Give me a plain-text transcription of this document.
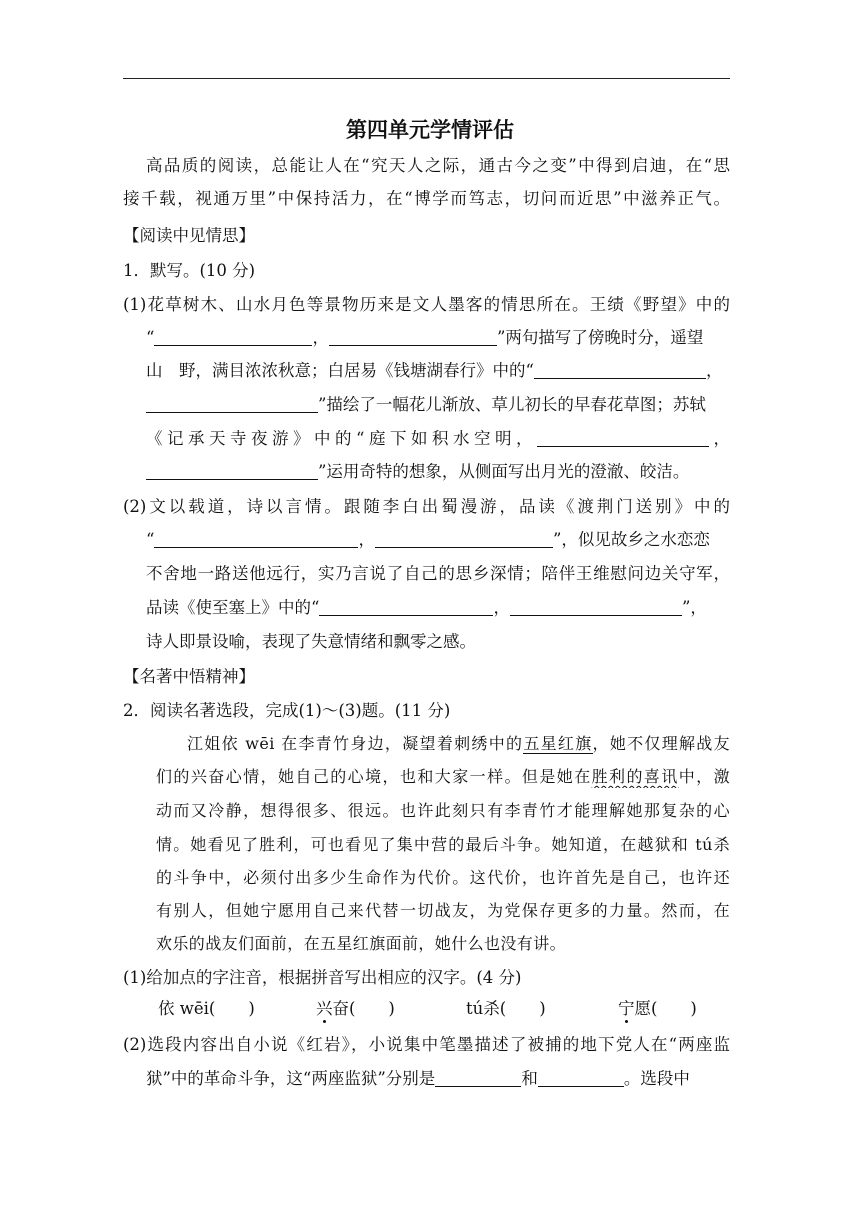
第四单元学情评估
高品质的阅读，总能让人在“究天人之际，通古今之变”中得到启迪，在“思
接千载，视通万里”中保持活力，在“博学而笃志，切问而近思”中滋养正气。
【阅读中见情思】
1．默写。(10 分)
(1)花草树木、山水月色等景物历来是文人墨客的情思所在。王绩《野望》中的
“	，	”两句描写了傍晚时分，遥望
山　野，满目浓浓秋意；白居易《钱塘湖春行》中的“	，
”描绘了一幅花儿渐放、草儿初长的早春花草图；苏轼
《记承天寺夜游》中的“庭下如积水空明，	，
”运用奇特的想象，从侧面写出月光的澄澈、皎洁。
(2)文以载道，诗以言情。跟随李白出蜀漫游，品读《渡荆门送别》中的
“	，	”，似见故乡之水恋恋
不舍地一路送他远行，实乃言说了自己的思乡深情；陪伴王维慰问边关守军，
品读《使至塞上》中的“	，	”，
诗人即景设喻，表现了失意情绪和飘零之感。
【名著中悟精神】
2．阅读名著选段，完成(1)～(3)题。(11 分)
江姐依 wēi 在李青竹身边，凝望着刺绣中的五星红旗，她不仅理解战友
们的兴奋心情，她自己的心境，也和大家一样。但是她在胜利的喜讯中，激
动而又冷静，想得很多、很远。也许此刻只有李青竹才能理解她那复杂的心
情。她看见了胜利，可也看见了集中营的最后斗争。她知道，在越狱和 tú杀
的斗争中，必须付出多少生命作为代价。这代价，也许首先是自己，也许还
有别人，但她宁愿用自己来代替一切战友，为党保存更多的力量。然而，在
欢乐的战友们面前，在五星红旗面前，她什么也没有讲。
(1)给加点的字注音，根据拼音写出相应的汉字。(4 分)
依 wēi(　　)	兴奋(　　)	tú杀(　　)	宁愿(　　)
(2)选段内容出自小说《红岩》，小说集中笔墨描述了被捕的地下党人在“两座监
狱”中的革命斗争，这“两座监狱”分别是	和	。选段中
